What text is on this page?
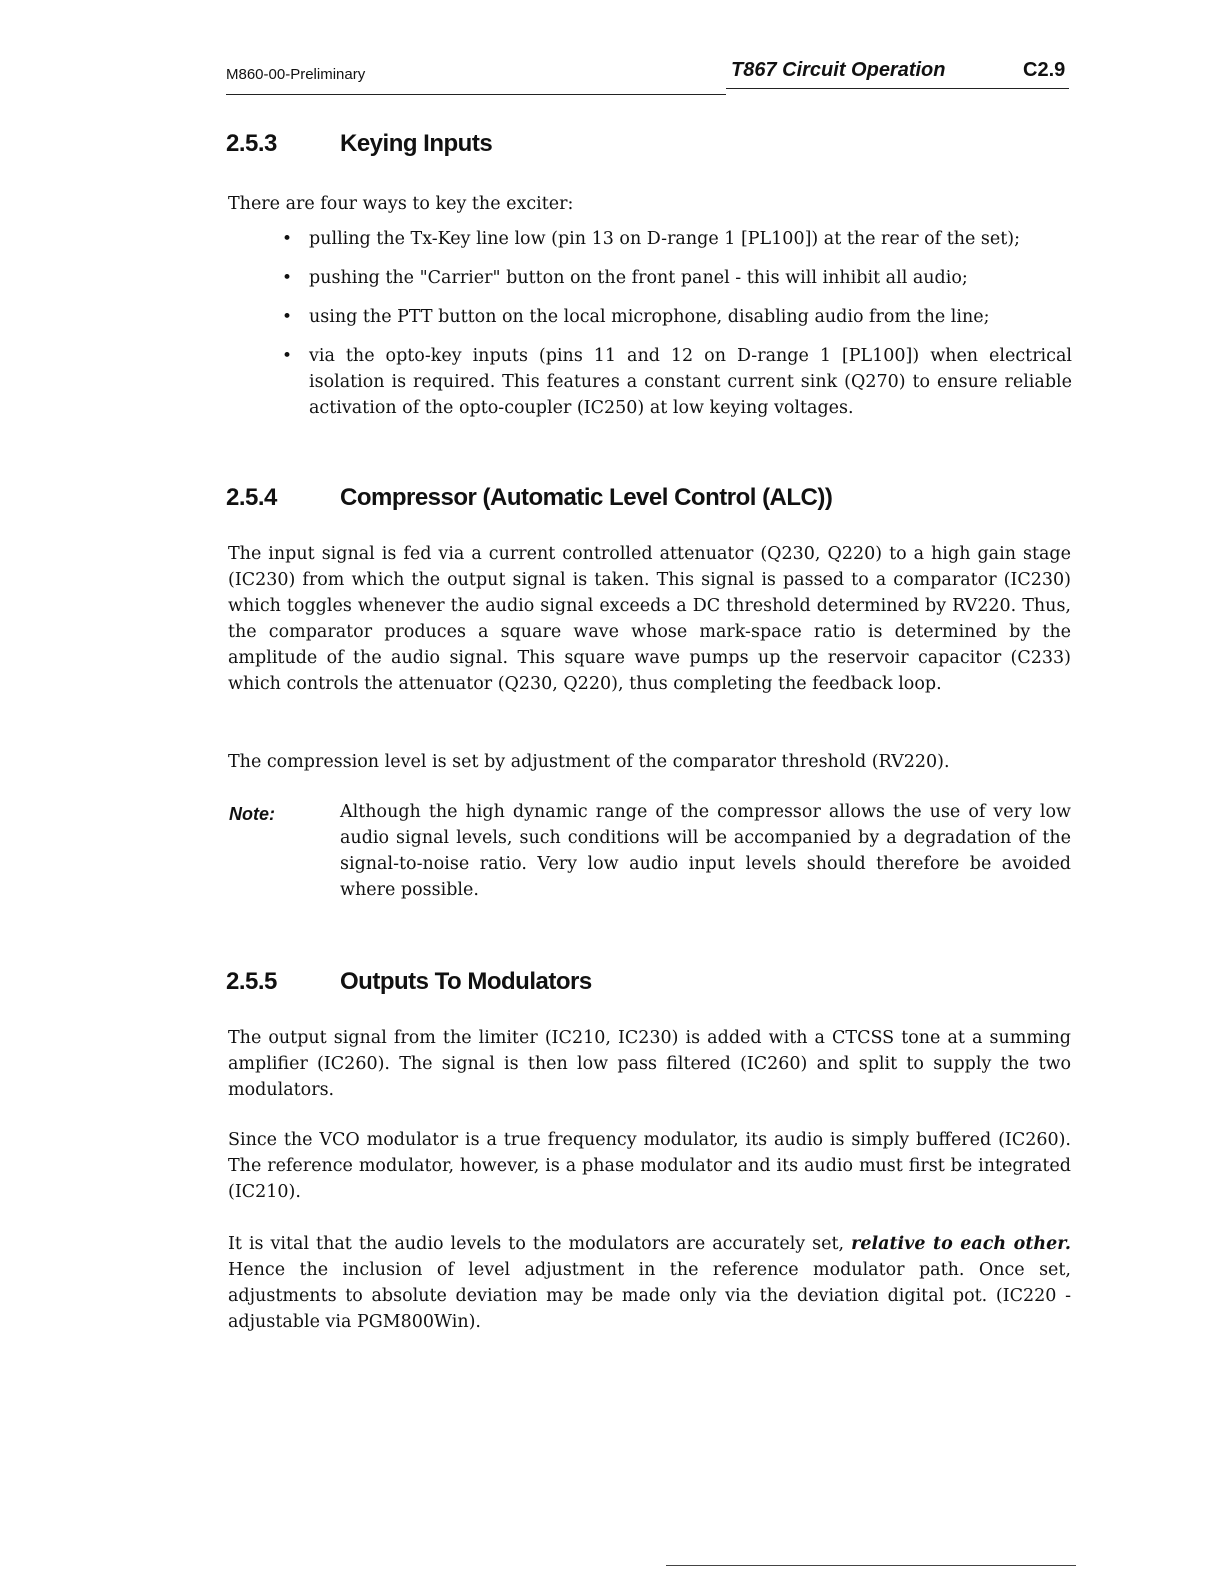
M860-00-Preliminary	T867 Circuit Operation	C2.9
2.5.3	Keying Inputs

There are four ways to key the exciter:

• pulling the Tx-Key line low (pin 13 on D-range 1 [PL100]) at the rear of the set);
• pushing the "Carrier" button on the front panel - this will inhibit all audio;
• using the PTT button on the local microphone, disabling audio from the line;
• via the opto-key inputs (pins 11 and 12 on D-range 1 [PL100]) when electrical isolation is required. This features a constant current sink (Q270) to ensure reliable activation of the opto-coupler (IC250) at low keying voltages.
2.5.4	Compressor (Automatic Level Control (ALC))

The input signal is fed via a current controlled attenuator (Q230, Q220) to a high gain stage (IC230) from which the output signal is taken. This signal is passed to a comparator (IC230) which toggles whenever the audio signal exceeds a DC threshold determined by RV220. Thus, the comparator produces a square wave whose mark-space ratio is determined by the amplitude of the audio signal. This square wave pumps up the reservoir capacitor (C233) which controls the attenuator (Q230, Q220), thus completing the feedback loop.

The compression level is set by adjustment of the comparator threshold (RV220).

Note:	Although the high dynamic range of the compressor allows the use of very low audio signal levels, such conditions will be accompanied by a degradation of the signal-to-noise ratio. Very low audio input levels should therefore be avoided where possible.

2.5.5	Outputs To Modulators

The output signal from the limiter (IC210, IC230) is added with a CTCSS tone at a summing amplifier (IC260). The signal is then low pass filtered (IC260) and split to supply the two modulators.

Since the VCO modulator is a true frequency modulator, its audio is simply buffered (IC260). The reference modulator, however, is a phase modulator and its audio must first be integrated (IC210).

It is vital that the audio levels to the modulators are accurately set, relative to each other. Hence the inclusion of level adjustment in the reference modulator path. Once set, adjustments to absolute deviation may be made only via the deviation digital pot. (IC220 - adjustable via PGM800Win).
